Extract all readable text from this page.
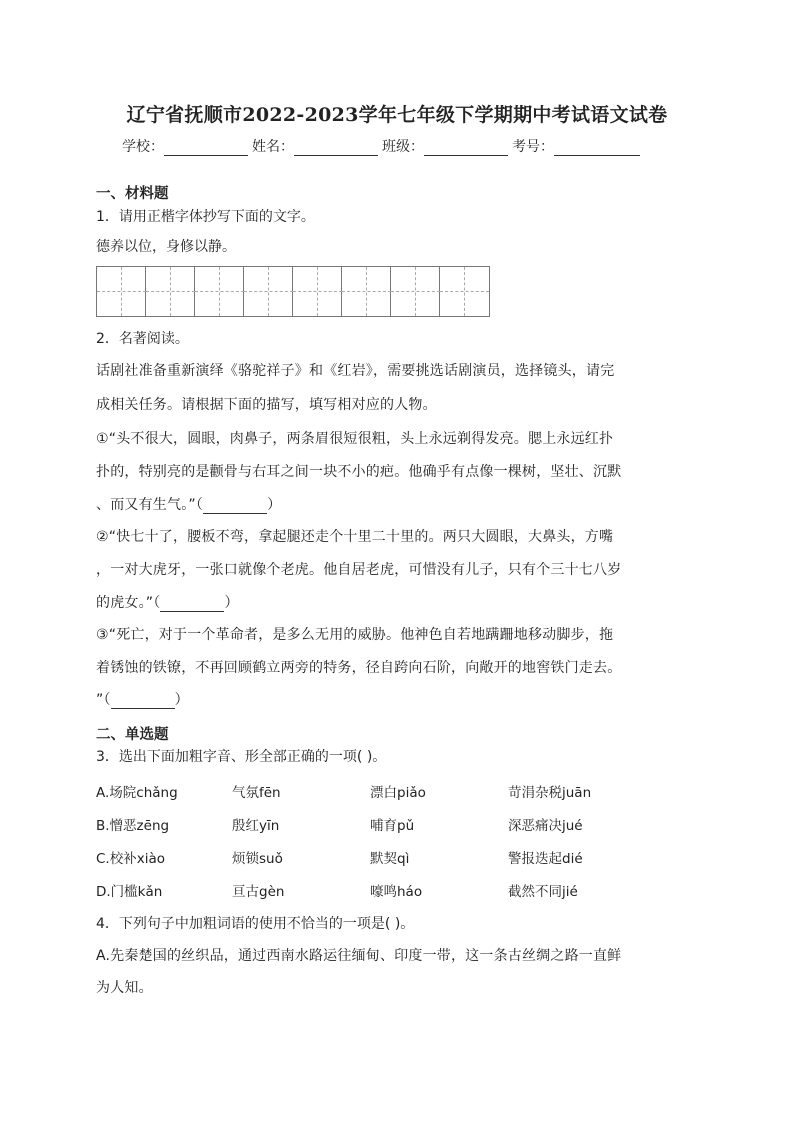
辽宁省抚顺市2022-2023学年七年级下学期期中考试语文试卷
学校：	姓名：	班级：	考号：
一、材料题
1．请用正楷字体抄写下面的文字。
德养以位，身修以静。
2．名著阅读。
话剧社准备重新演绎《骆驼祥子》和《红岩》，需要挑选话剧演员，选择镜头，请完
成相关任务。请根据下面的描写，填写相对应的人物。
①“头不很大，圆眼，肉鼻子，两条眉很短很粗，头上永远剃得发亮。腮上永远红扑
扑的，特别亮的是颧骨与右耳之间一块不小的疤。他确乎有点像一棵树，坚壮、沉默
、而又有生气。”（	）
②“快七十了，腰板不弯，拿起腿还走个十里二十里的。两只大圆眼，大鼻头，方嘴
，一对大虎牙，一张口就像个老虎。他自居老虎，可惜没有儿子，只有个三十七八岁
的虎女。”（	）
③“死亡，对于一个革命者，是多么无用的威胁。他神色自若地蹒跚地移动脚步，拖
着锈蚀的铁镣，不再回顾鹤立两旁的特务，径自跨向石阶，向敞开的地窖铁门走去。
”（	）
二、单选题
3．选出下面加粗字音、形全部正确的一项( )。
A.场院chǎng	气氛fēn	漂白piǎo	苛涓杂税juān
B.憎恶zēng	殷红yīn	哺育pǔ	深恶痛决jué
C.校补xiào	烦锁suǒ	默契qì	警报迭起dié
D.门槛kǎn	亘古gèn	嚎鸣háo	截然不同jié
4．下列句子中加粗词语的使用不恰当的一项是( )。
A.先秦楚国的丝织品，通过西南水路运往缅甸、印度一带，这一条古丝绸之路一直鲜
为人知。
